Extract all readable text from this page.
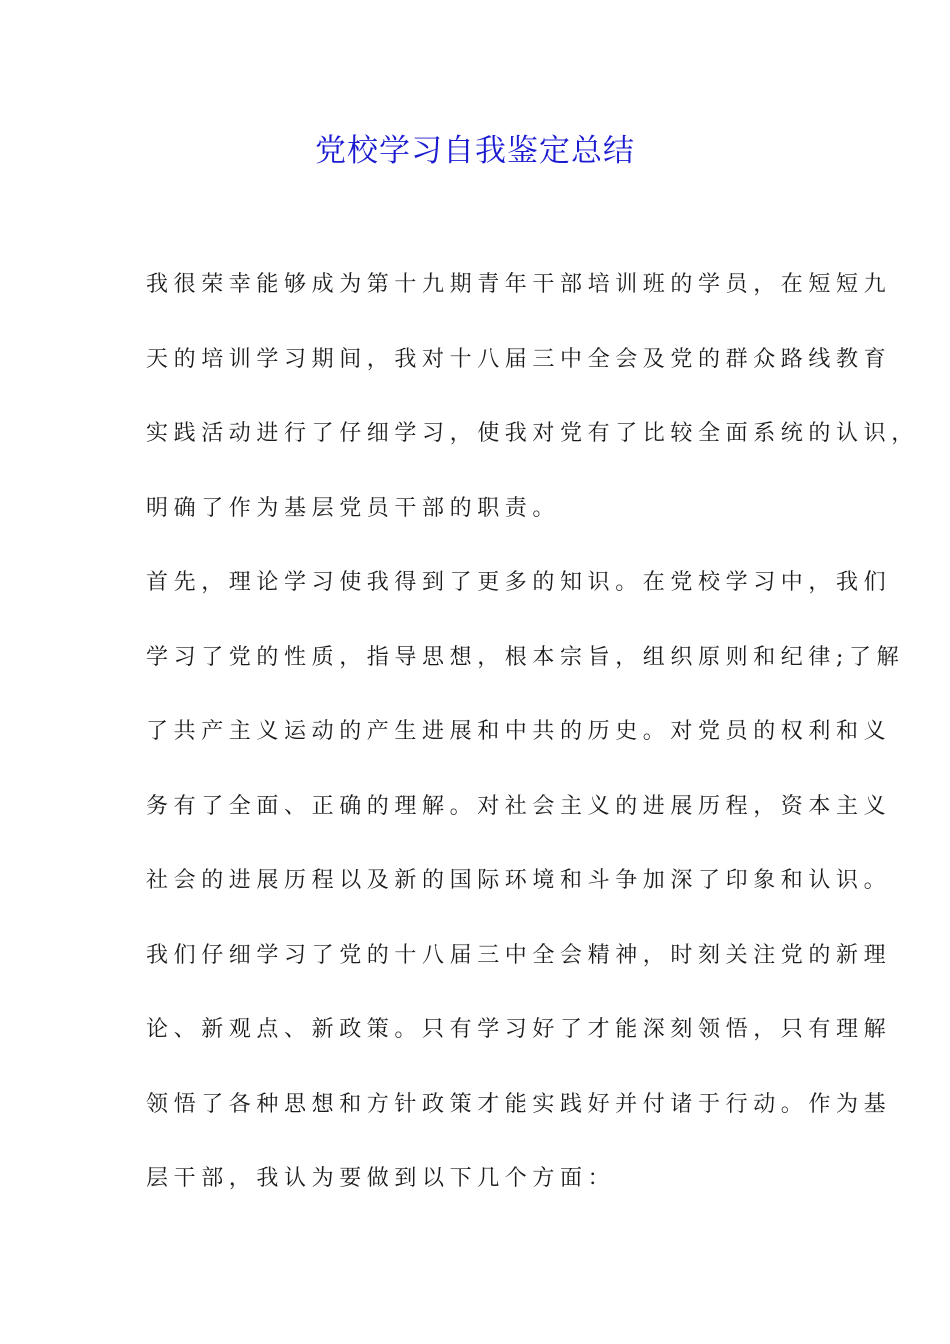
党校学习自我鉴定总结
我很荣幸能够成为第十九期青年干部培训班的学员，在短短九
天的培训学习期间，我对十八届三中全会及党的群众路线教育
实践活动进行了仔细学习，使我对党有了比较全面系统的认识，
明确了作为基层党员干部的职责。
首先，理论学习使我得到了更多的知识。在党校学习中，我们
学习了党的性质，指导思想，根本宗旨，组织原则和纪律;了解
了共产主义运动的产生进展和中共的历史。对党员的权利和义
务有了全面、正确的理解。对社会主义的进展历程，资本主义
社会的进展历程以及新的国际环境和斗争加深了印象和认识。
我们仔细学习了党的十八届三中全会精神，时刻关注党的新理
论、新观点、新政策。只有学习好了才能深刻领悟，只有理解
领悟了各种思想和方针政策才能实践好并付诸于行动。作为基
层干部，我认为要做到以下几个方面：
